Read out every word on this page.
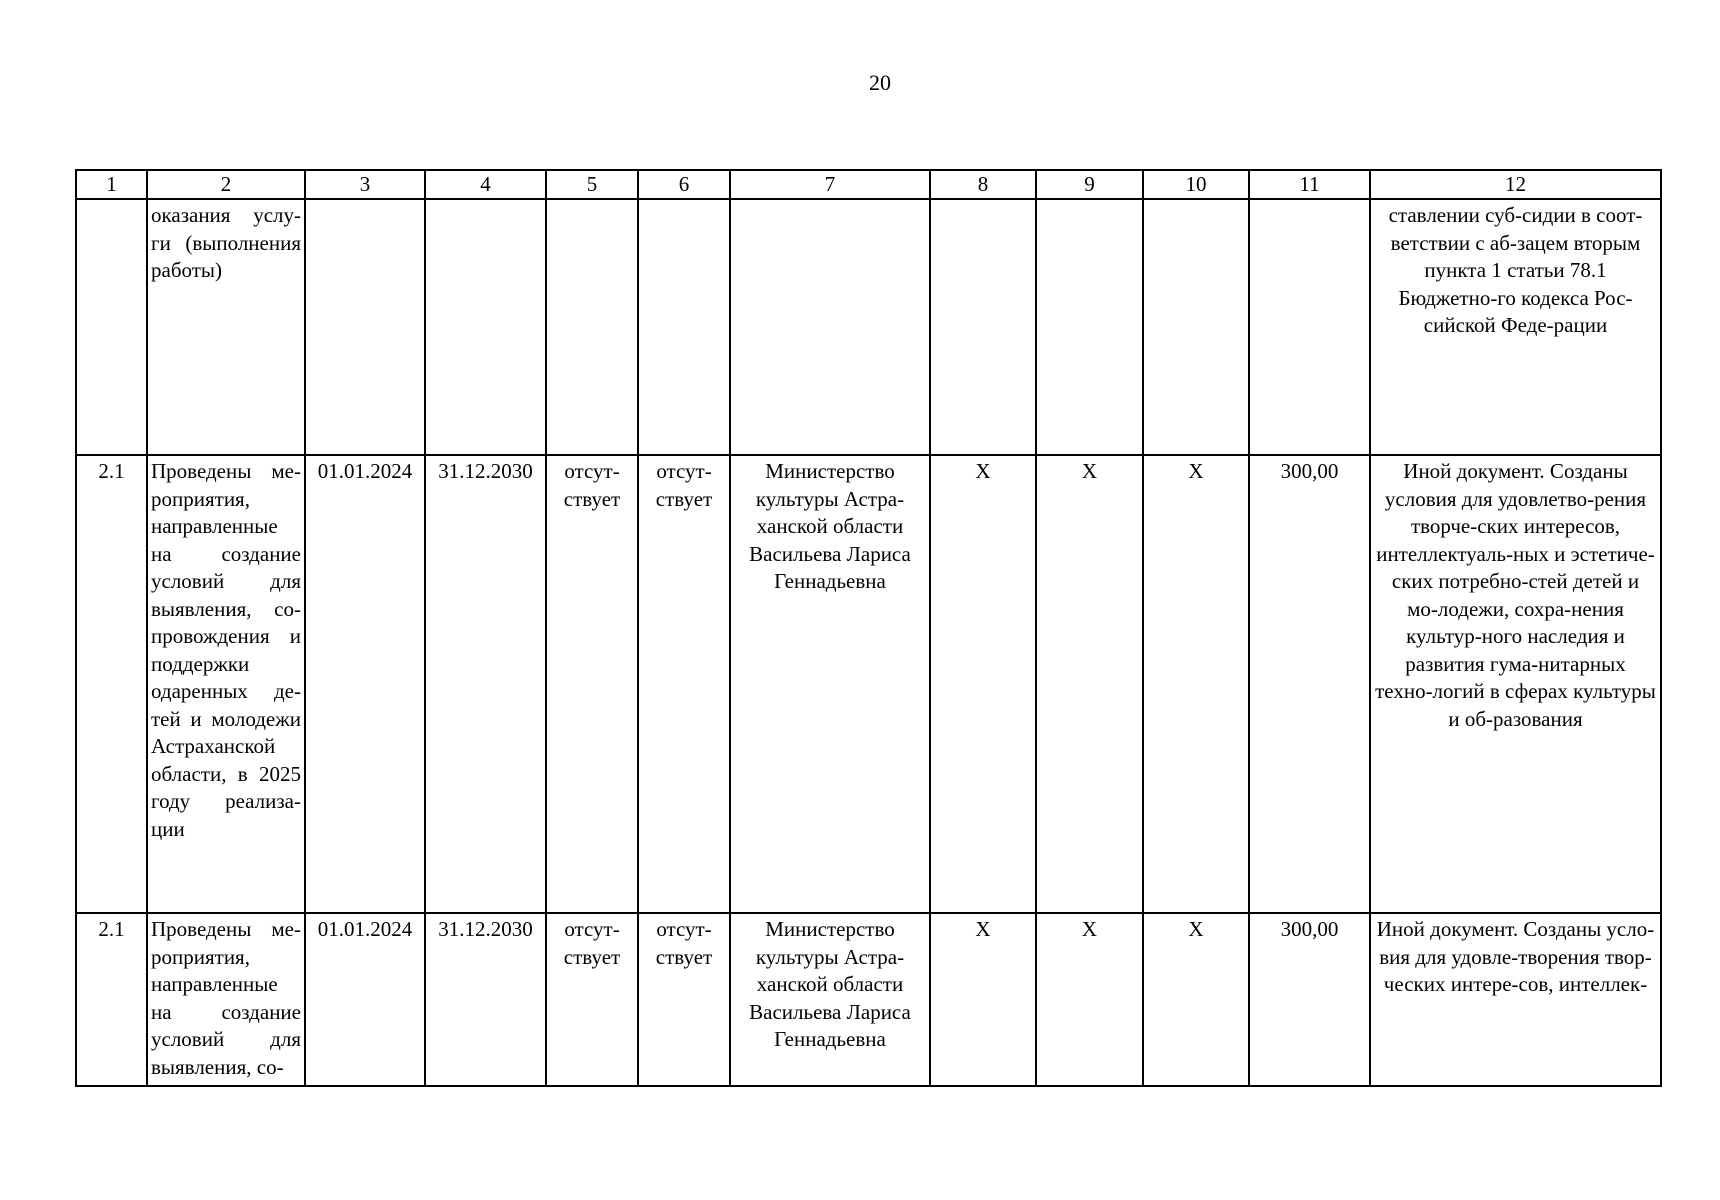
20
1	2	3	4	5	6	7	8	9	10	11	12
	оказания услу-ги (выполнения работы)										ставлении суб-сидии в соот-ветствии с аб-зацем вторым пункта 1 статьи 78.1 Бюджетно-го кодекса Рос-сийской Феде-рации
2.1	Проведены ме-роприятия, направленные на создание условий для выявления, со-провождения и поддержки одаренных де-тей и молодежи Астраханской области, в 2025 году реализа-ции	01.01.2024	31.12.2030	отсут-ствует	отсут-ствует	Министерство культуры Астра-ханской области Васильева Лариса Геннадьевна	X	X	X	300,00	Иной документ. Созданы условия для удовлетво-рения творче-ских интересов, интеллектуаль-ных и эстетиче-ских потребно-стей детей и мо-лодежи, сохра-нения культур-ного наследия и развития гума-нитарных техно-логий в сферах культуры и об-разования
2.1	Проведены ме-роприятия, направленные на создание условий для выявления, со-	01.01.2024	31.12.2030	отсут-ствует	отсут-ствует	Министерство культуры Астра-ханской области Васильева Лариса Геннадьевна	X	X	X	300,00	Иной документ. Созданы усло-вия для удовле-творения твор-ческих интере-сов, интеллек-
